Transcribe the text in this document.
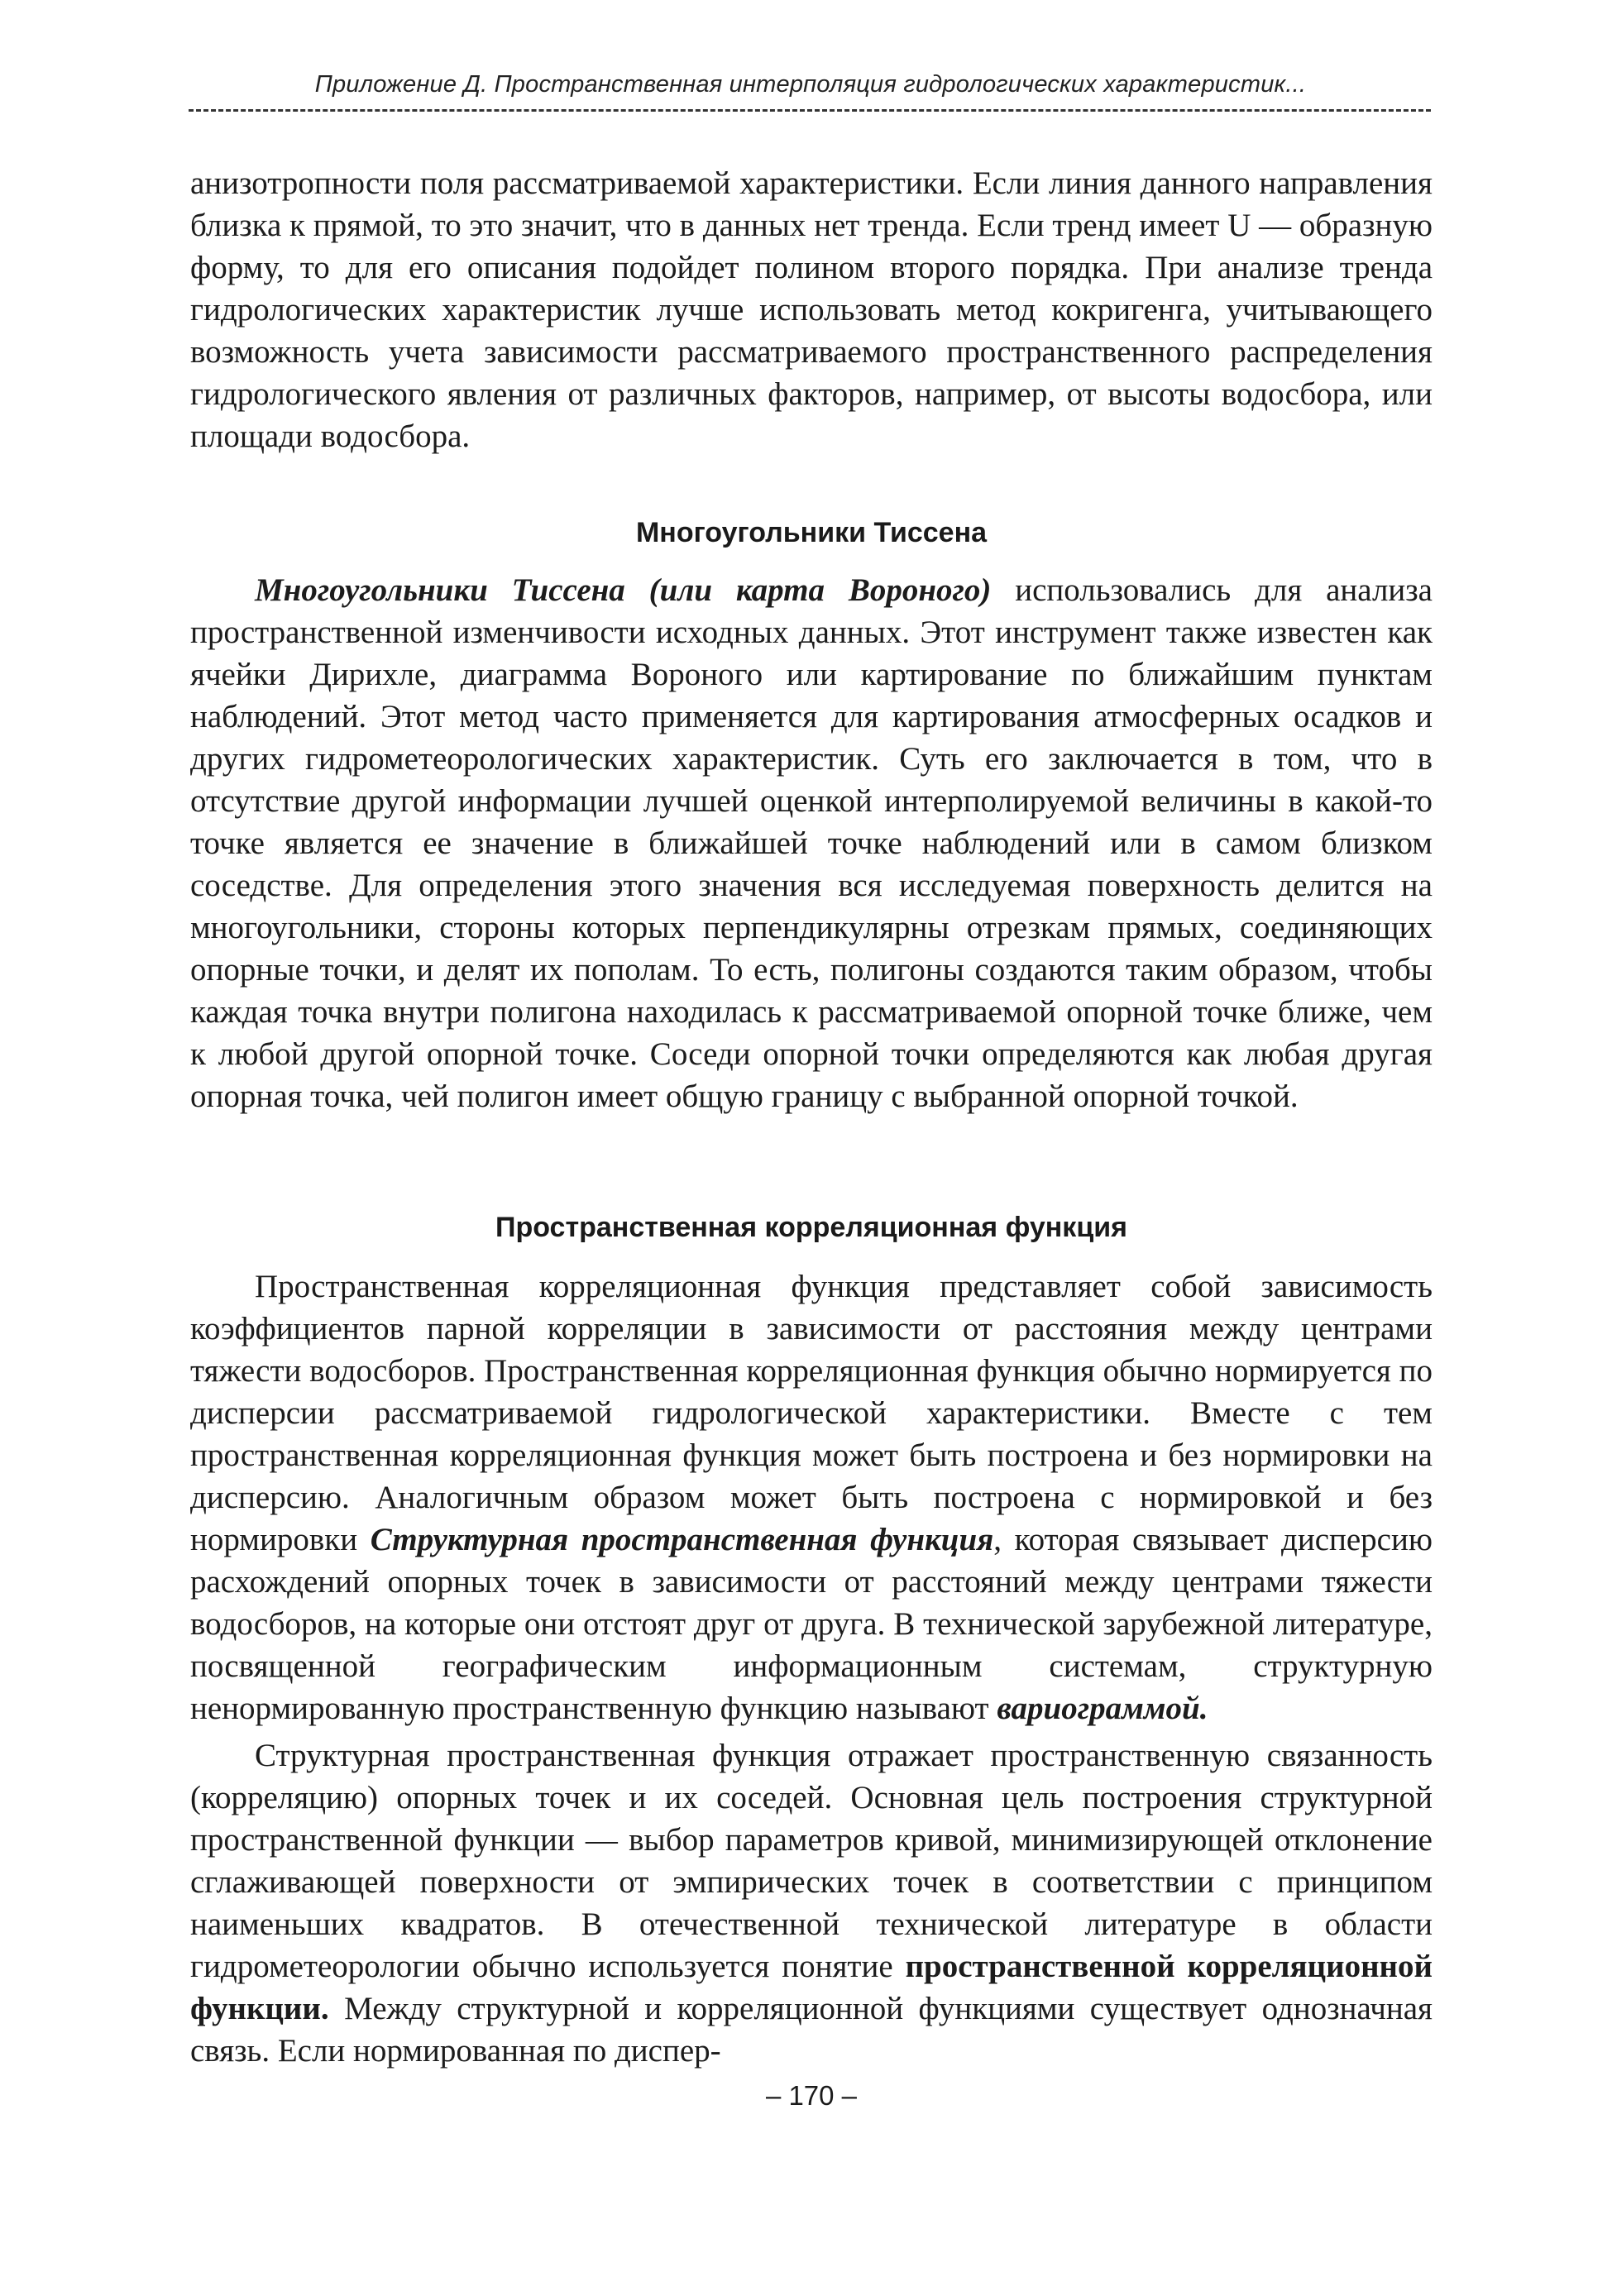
Приложение Д. Пространственная интерполяция гидрологических характеристик...

анизотропности поля рассматриваемой характеристики. Если линия данного направления близка к прямой, то это значит, что в данных нет тренда. Если тренд имеет U — образную форму, то для его описания подойдет полином второго порядка. При анализе тренда гидрологических характеристик лучше использовать метод кокригенга, учитывающего возможность учета зависимости рассматриваемого пространственного распределения гидрологического явления от различных факторов, например, от высоты водосбора, или площади водосбора.

Многоугольники Тиссена

Многоугольники Тиссена (или карта Вороного) использовались для анализа пространственной изменчивости исходных данных. Этот инструмент также известен как ячейки Дирихле, диаграмма Вороного или картирование по ближайшим пунктам наблюдений. Этот метод часто применяется для картирования атмосферных осадков и других гидрометеорологических характеристик. Суть его заключается в том, что в отсутствие другой информации лучшей оценкой интерполируемой величины в какой-то точке является ее значение в ближайшей точке наблюдений или в самом близком соседстве. Для определения этого значения вся исследуемая поверхность делится на многоугольники, стороны которых перпендикулярны отрезкам прямых, соединяющих опорные точки, и делят их пополам. То есть, полигоны создаются таким образом, чтобы каждая точка внутри полигона находилась к рассматриваемой опорной точке ближе, чем к любой другой опорной точке. Соседи опорной точки определяются как любая другая опорная точка, чей полигон имеет общую границу с выбранной опорной точкой.

Пространственная корреляционная функция

Пространственная корреляционная функция представляет собой зависимость коэффициентов парной корреляции в зависимости от расстояния между центрами тяжести водосборов. Пространственная корреляционная функция обычно нормируется по дисперсии рассматриваемой гидрологической характеристики. Вместе с тем пространственная корреляционная функция может быть построена и без нормировки на дисперсию. Аналогичным образом может быть построена с нормировкой и без нормировки Структурная пространственная функция, которая связывает дисперсию расхождений опорных точек в зависимости от расстояний между центрами тяжести водосборов, на которые они отстоят друг от друга. В технической зарубежной литературе, посвященной географическим информационным системам, структурную ненормированную пространственную функцию называют вариограммой.

Структурная пространственная функция отражает пространственную связанность (корреляцию) опорных точек и их соседей. Основная цель построения структурной пространственной функции — выбор параметров кривой, минимизирующей отклонение сглаживающей поверхности от эмпирических точек в соответствии с принципом наименьших квадратов. В отечественной технической литературе в области гидрометеорологии обычно используется понятие пространственной корреляционной функции. Между структурной и корреляционной функциями существует однозначная связь. Если нормированная по диспер-

– 170 –
